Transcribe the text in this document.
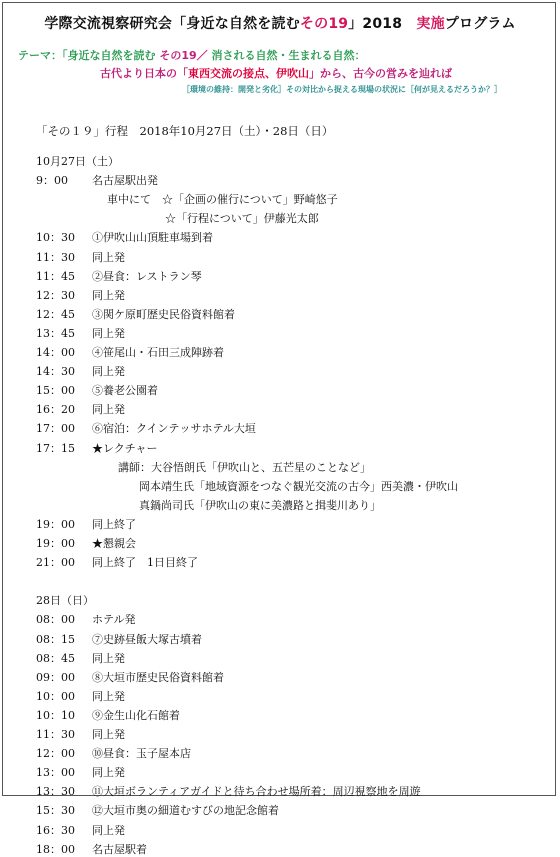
学際交流視察研究会「身近な自然を読むその19」2018　実施プログラム
テーマ：「身近な自然を読む その19／ 消される自然・生まれる自然：
古代より日本の「東西交流の接点、伊吹山」から、古今の営みを辿れば
［環境の維持：開発と劣化］その対比から捉える現場の状況に［何が見えるだろうか？］
「その１９」行程　2018年10月27日（土）・28日（日）
10月27日（土）
9：00 名古屋駅出発
車中にて　☆「企画の催行について」野崎悠子
☆「行程について」伊藤光太郎
10：30 ①伊吹山山頂駐車場到着
11：30 同上発
11：45 ②昼食：レストラン琴
12：30 同上発
12：45 ③関ケ原町歴史民俗資料館着
13：45 同上発
14：00 ④笹尾山・石田三成陣跡着
14：30 同上発
15：00 ⑤養老公園着
16：20 同上発
17：00 ⑥宿泊：クインテッサホテル大垣
17：15 ★レクチャー
講師：大谷悟朗氏「伊吹山と、五芒星のことなど」
岡本靖生氏「地域資源をつなぐ観光交流の古今」西美濃・伊吹山
真鍋尚司氏「伊吹山の東に美濃路と揖斐川あり」
19：00 同上終了
19：00 ★懇親会
21：00 同上終了　1日目終了
28日（日）
08：00 ホテル発
08：15 ⑦史跡昼飯大塚古墳着
08：45 同上発
09：00 ⑧大垣市歴史民俗資料館着
10：00 同上発
10：10 ⑨金生山化石館着
11：30 同上発
12：00 ⑩昼食：玉子屋本店
13：00 同上発
13：30 ⑪大垣ボランティアガイドと待ち合わせ場所着：周辺視察地を周遊
15：30 ⑫大垣市奥の細道むすびの地記念館着
16：30 同上発
18：00 名古屋駅着
